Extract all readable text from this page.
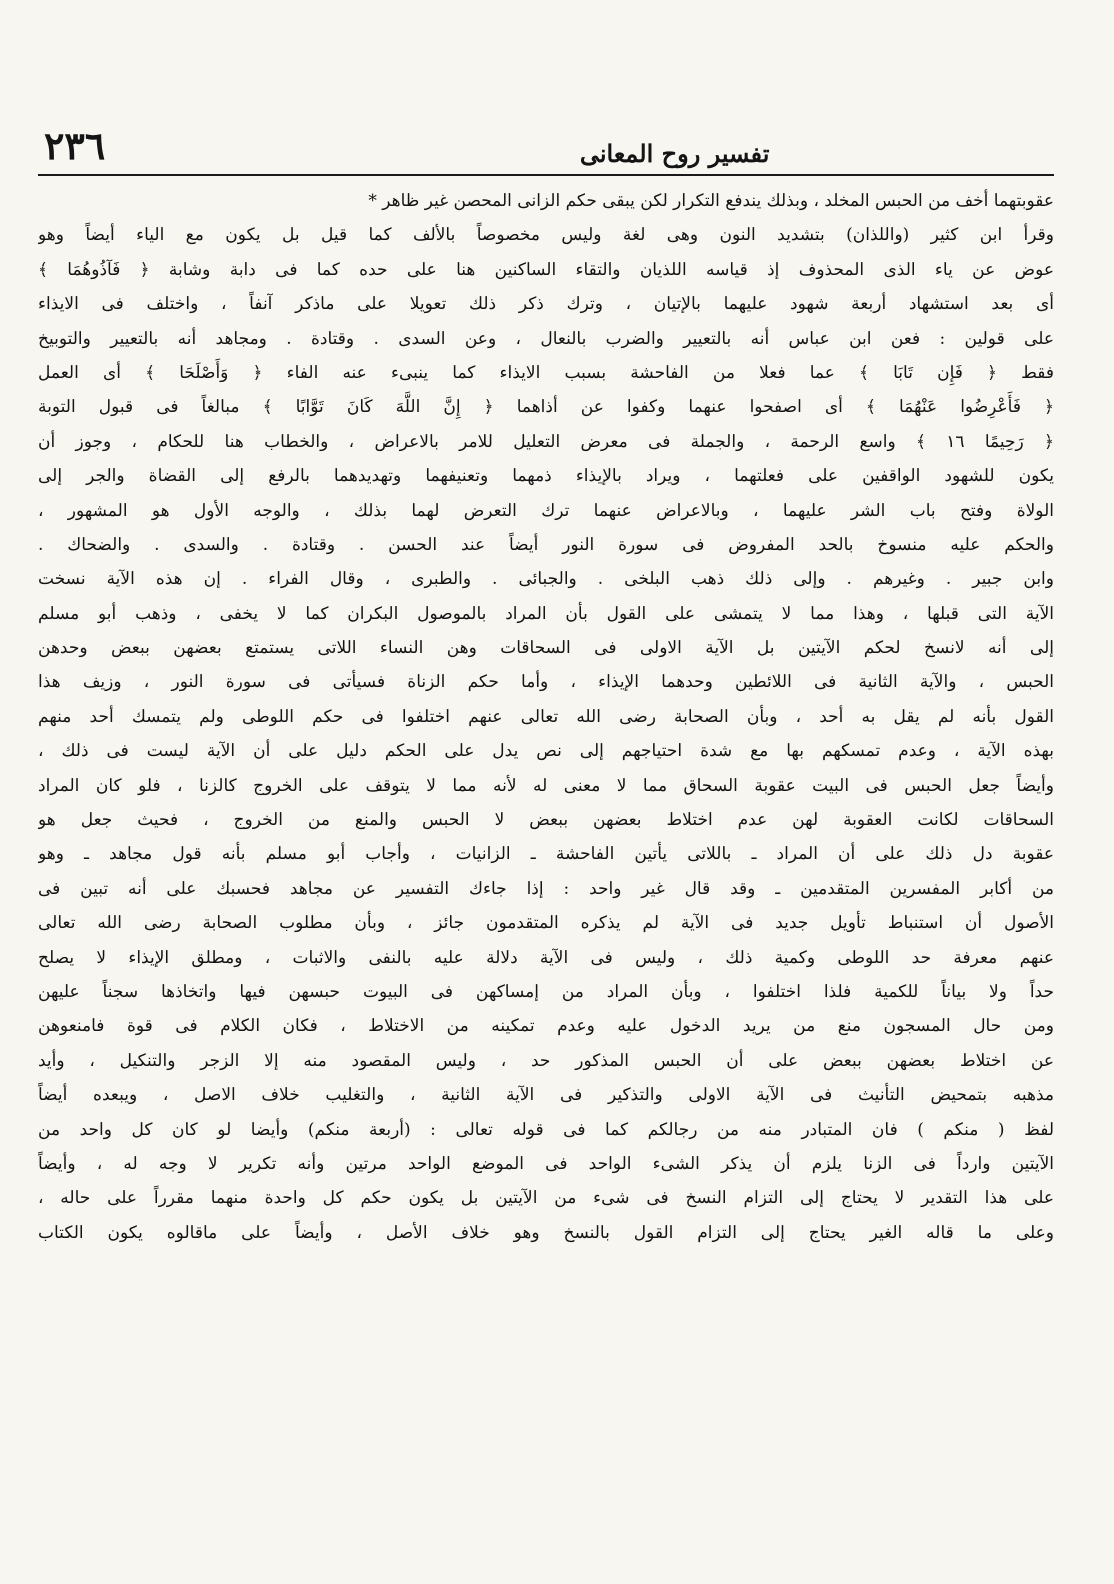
٢٣٦	تفسير روح المعانى
عقوبتهما أخف من الحبس المخلد ، وبذلك يندفع التكرار لكن يبقى حكم الزانى المحصن غير ظاهر *
وقرأ ابن كثير (واللذان) بتشديد النون وهى لغة وليس مخصوصاً بالألف كما قيل بل يكون مع الياء أيضاً وهو
عوض عن ياء الذى المحذوف إذ قياسه اللذيان والتقاء الساكنين هنا على حده كما فى دابة وشابة ﴿ فَآذُوهُمَا ﴾
أى بعد استشهاد أربعة شهود عليهما بالإتيان ، وترك ذكر ذلك تعويلا على ماذكر آنفاً ، واختلف فى الايذاء
على قولين : فعن ابن عباس أنه بالتعيير والضرب بالنعال ، وعن السدى . وقتادة . ومجاهد أنه بالتعيير والتوبيخ
فقط ﴿ فَإِن تَابَا ﴾ عما فعلا من الفاحشة بسبب الايذاء كما ينبىء عنه الفاء ﴿ وَأَصْلَحَا ﴾ أى العمل
﴿ فَأَعْرِضُوا عَنْهُمَا ﴾ أى اصفحوا عنهما وكفوا عن أذاهما ﴿ إِنَّ اللَّهَ كَانَ تَوَّابًا ﴾ مبالغاً فى قبول التوبة
﴿ رَحِيمًا ١٦ ﴾ واسع الرحمة ، والجملة فى معرض التعليل للامر بالاعراض ، والخطاب هنا للحكام ، وجوز أن
يكون للشهود الواقفين على فعلتهما ، ويراد بالإيذاء ذمهما وتعنيفهما وتهديدهما بالرفع إلى القضاة والجر إلى
الولاة وفتح باب الشر عليهما ، وبالاعراض عنهما ترك التعرض لهما بذلك ، والوجه الأول هو المشهور ،
والحكم عليه منسوخ بالحد المفروض فى سورة النور أيضاً عند الحسن . وقتادة . والسدى . والضحاك .
وابن جبير . وغيرهم . وإلى ذلك ذهب البلخى . والجبائى . والطبرى ، وقال الفراء . إن هذه الآية نسخت
الآية التى قبلها ، وهذا مما لا يتمشى على القول بأن المراد بالموصول البكران كما لا يخفى ، وذهب أبو مسلم
إلى أنه لانسخ لحكم الآيتين بل الآية الاولى فى السحاقات وهن النساء اللاتى يستمتع بعضهن ببعض وحدهن
الحبس ، والآية الثانية فى اللائطين وحدهما الإيذاء ، وأما حكم الزناة فسيأتى فى سورة النور ، وزيف هذا
القول بأنه لم يقل به أحد ، وبأن الصحابة رضى الله تعالى عنهم اختلفوا فى حكم اللوطى ولم يتمسك أحد منهم
بهذه الآية ، وعدم تمسكهم بها مع شدة احتياجهم إلى نص يدل على الحكم دليل على أن الآية ليست فى ذلك ،
وأيضاً جعل الحبس فى البيت عقوبة السحاق مما لا معنى له لأنه مما لا يتوقف على الخروج كالزنا ، فلو كان المراد
السحاقات لكانت العقوبة لهن عدم اختلاط بعضهن ببعض لا الحبس والمنع من الخروج ، فحيث جعل هو
عقوبة دل ذلك على أن المراد ـ باللاتى يأتين الفاحشة ـ الزانيات ، وأجاب أبو مسلم بأنه قول مجاهد ـ وهو
من أكابر المفسرين المتقدمين ـ وقد قال غير واحد : إذا جاءك التفسير عن مجاهد فحسبك على أنه تبين فى
الأصول أن استنباط تأويل جديد فى الآية لم يذكره المتقدمون جائز ، وبأن مطلوب الصحابة رضى الله تعالى
عنهم معرفة حد اللوطى وكمية ذلك ، وليس فى الآية دلالة عليه بالنفى والاثبات ، ومطلق الإيذاء لا يصلح
حداً ولا بياناً للكمية فلذا اختلفوا ، وبأن المراد من إمساكهن فى البيوت حبسهن فيها واتخاذها سجناً عليهن
ومن حال المسجون منع من يريد الدخول عليه وعدم تمكينه من الاختلاط ، فكان الكلام فى قوة فامنعوهن
عن اختلاط بعضهن ببعض على أن الحبس المذكور حد ، وليس المقصود منه إلا الزجر والتنكيل ، وأيد
مذهبه بتمحيض التأنيث فى الآية الاولى والتذكير فى الآية الثانية ، والتغليب خلاف الاصل ، ويبعده أيضاً
لفظ ( منكم ) فان المتبادر منه من رجالكم كما فى قوله تعالى : (أربعة منكم) وأيضا لو كان كل واحد من
الآيتين وارداً فى الزنا يلزم أن يذكر الشىء الواحد فى الموضع الواحد مرتين وأنه تكرير لا وجه له ، وأيضاً
على هذا التقدير لا يحتاج إلى التزام النسخ فى شىء من الآيتين بل يكون حكم كل واحدة منهما مقرراً على حاله ،
وعلى ما قاله الغير يحتاج إلى التزام القول بالنسخ وهو خلاف الأصل ، وأيضاً على ماقالوه يكون الكتاب
